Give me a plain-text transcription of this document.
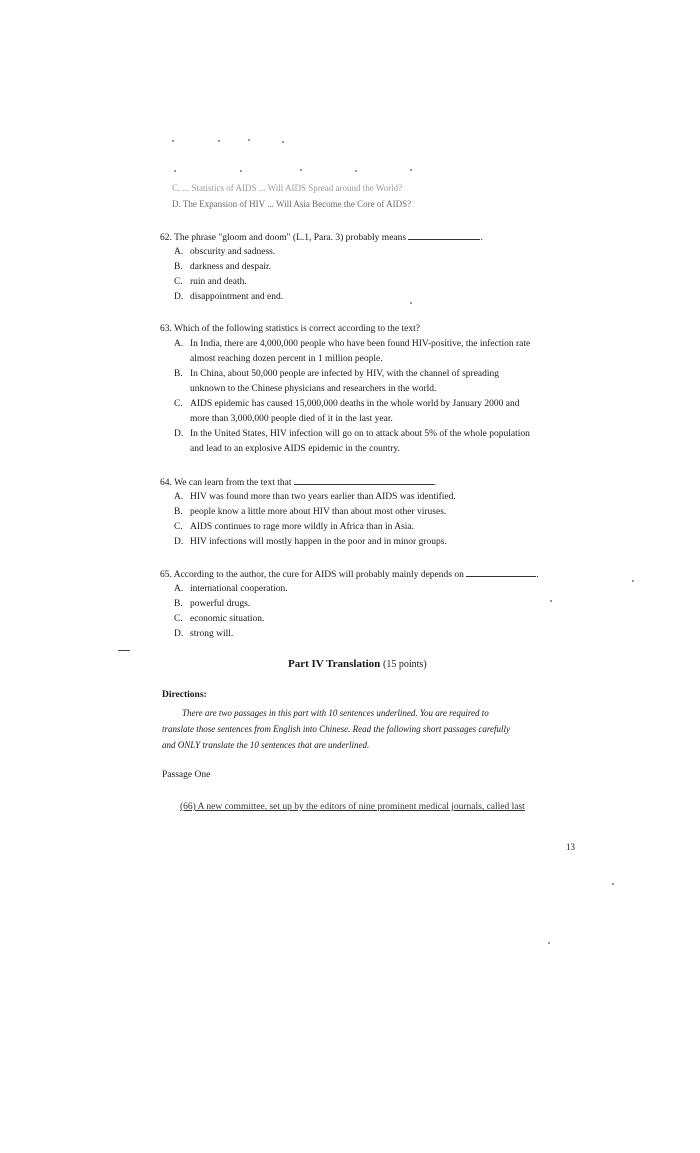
C. ... Statistics of AIDS ... Will AIDS Spread around the World?
D. The Expansion of HIV ... Will Asia Become the Core of AIDS?
62. The phrase "gloom and doom" (L.1, Para. 3) probably means	.
A. obscurity and sadness.
B. darkness and despair.
C. ruin and death.
D. disappointment and end.
63. Which of the following statistics is correct according to the text?
A. In India, there are 4,000,000 people who have been found HIV-positive, the infection rate
almost reaching dozen percent in 1 million people.
B. In China, about 50,000 people are infected by HIV, with the channel of spreading
unknown to the Chinese physicians and researchers in the world.
C. AIDS epidemic has caused 15,000,000 deaths in the whole world by January 2000 and
more than 3,000,000 people died of it in the last year.
D. In the United States, HIV infection will go on to attack about 5% of the whole population
and lead to an explosive AIDS epidemic in the country.
64. We can learn from the text that	.
A. HIV was found more than two years earlier than AIDS was identified.
B. people know a little more about HIV than about most other viruses.
C. AIDS continues to rage more wildly in Africa than in Asia.
D. HIV infections will mostly happen in the poor and in minor groups.
65. According to the author, the cure for AIDS will probably mainly depends on	.
A. international cooperation.
B. powerful drugs.
C. economic situation.
D. strong will.
Part IV Translation (15 points)
Directions:
There are two passages in this part with 10 sentences underlined. You are required to
translate those sentences from English into Chinese. Read the following short passages carefully
and ONLY translate the 10 sentences that are underlined.
Passage One
(66) A new committee, set up by the editors of nine prominent medical journals, called last
13
